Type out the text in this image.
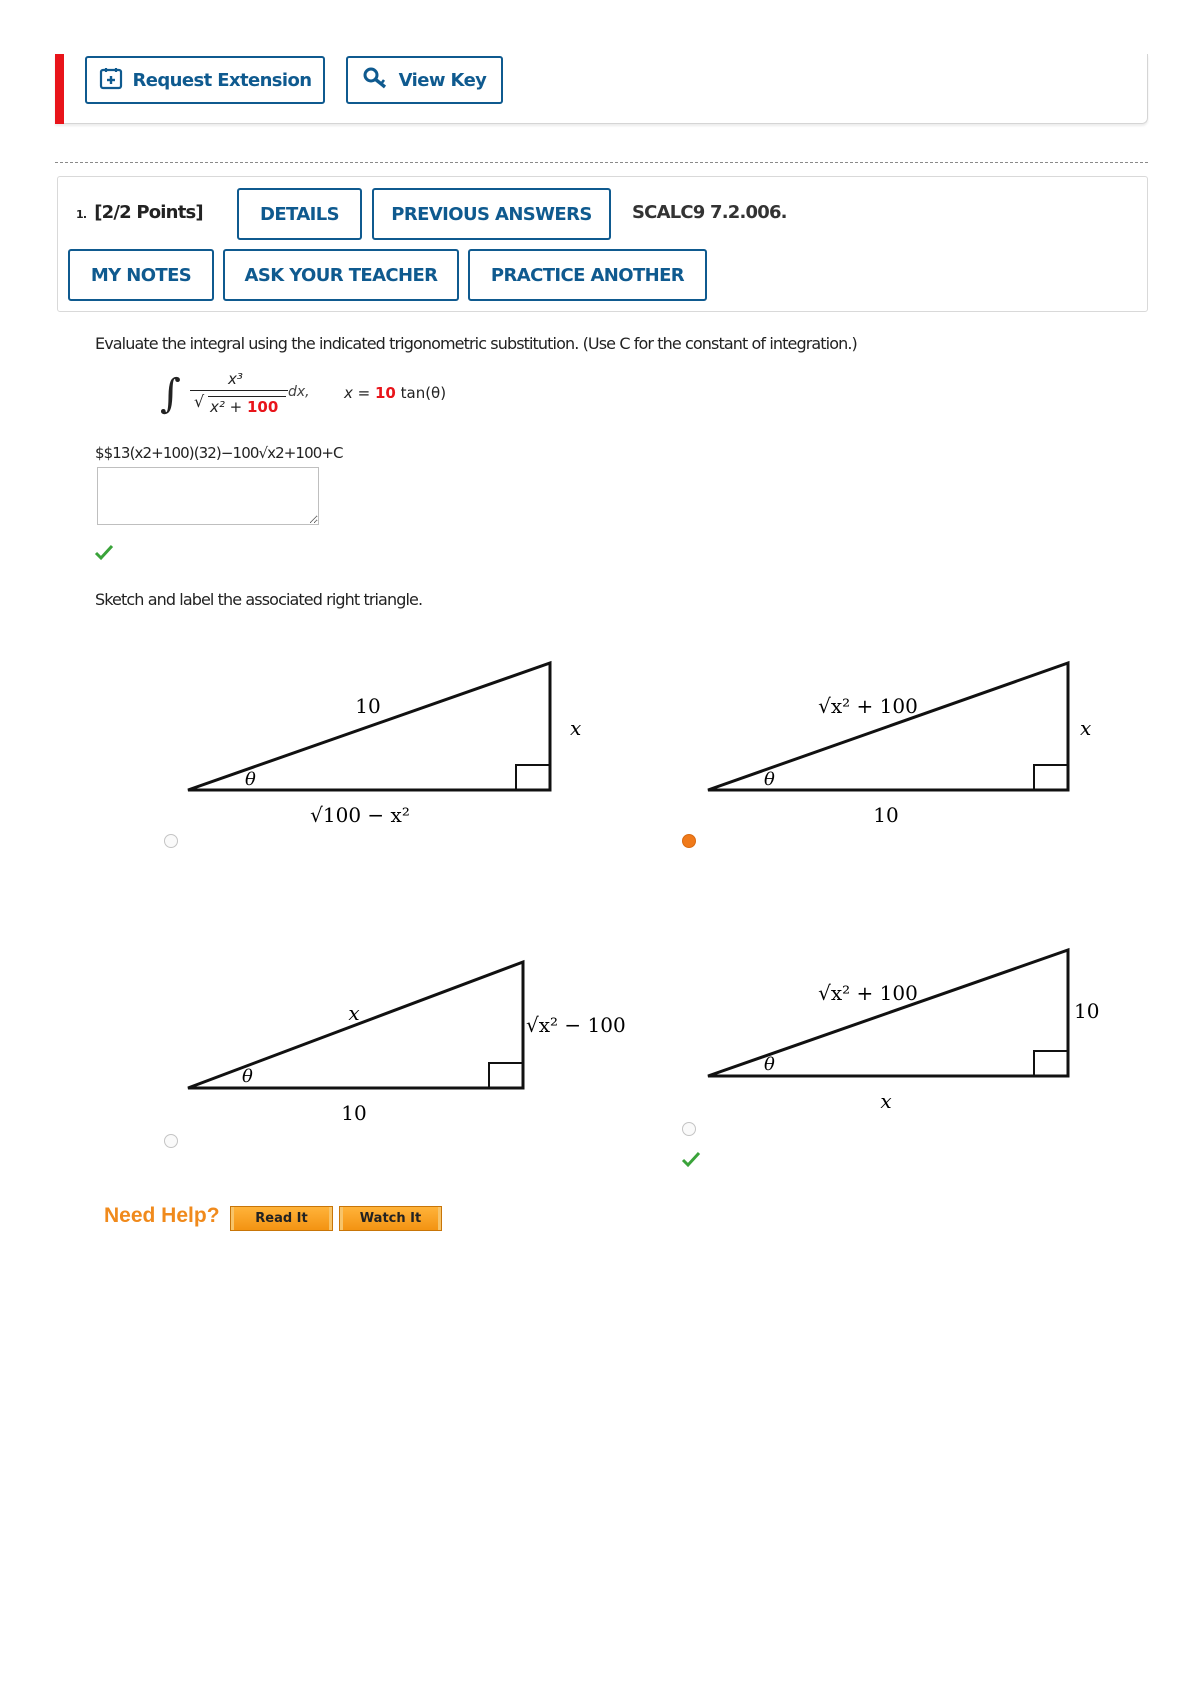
Request Extension	View Key
1. [2/2 Points]	DETAILS	PREVIOUS ANSWERS	SCALC9 7.2.006.
MY NOTES	ASK YOUR TEACHER	PRACTICE ANOTHER
Evaluate the integral using the indicated trigonometric substitution. (Use C for the constant of integration.)
∫	x³
√ x² + 100
dx, x = 10 tan(θ)
$$13(x2+100)(32)−100√x2+100+C
Sketch and label the associated right triangle.
10
x
√100 − x²
θ
√x² + 100
x
10
θ
x	√x² − 100
10
θ
√x² + 100
10
x
θ
Need Help?	Read It	Watch It
